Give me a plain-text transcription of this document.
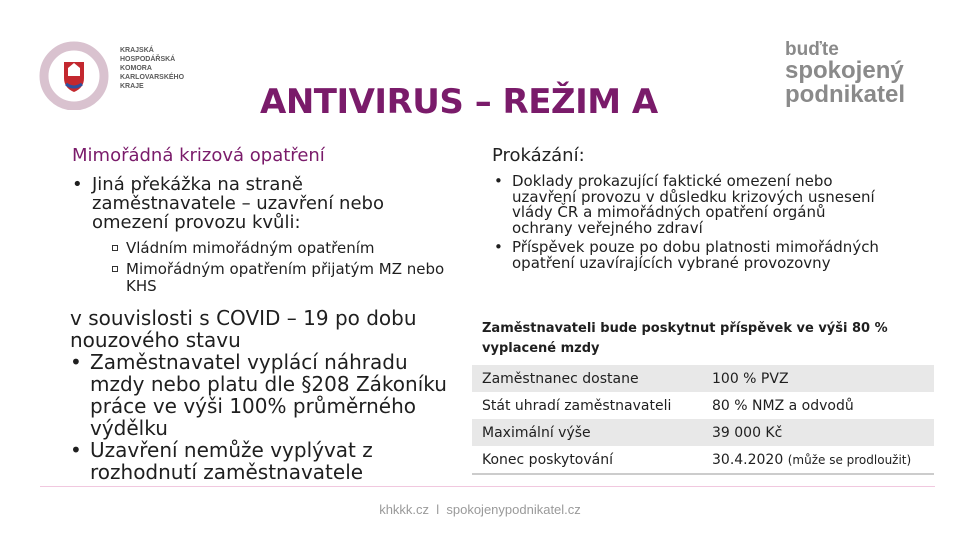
KRAJSKÁ
HOSPODÁŘSKÁ
KOMORA
KARLOVARSKÉHO
KRAJE
buďte
spokojený
podnikatel
ANTIVIRUS – REŽIM A
Mimořádná krizová opatření
• Jiná překážka na straně zaměstnavatele – uzavření nebo omezení provozu kvůli:
Vládním mimořádným opatřením
Mimořádným opatřením přijatým MZ nebo KHS
v souvislosti s COVID – 19 po dobu nouzového stavu
• Zaměstnavatel vyplácí náhradu mzdy nebo platu dle §208 Zákoníku práce ve výši 100% průměrného výdělku
• Uzavření nemůže vyplývat z rozhodnutí zaměstnavatele
Prokázání:
• Doklady prokazující faktické omezení nebo uzavření provozu v důsledku krizových usnesení vlády ČR a mimořádných opatření orgánů ochrany veřejného zdraví
• Příspěvek pouze po dobu platnosti mimořádných opatření uzavírajících vybrané provozovny
Zaměstnavateli bude poskytnut příspěvek ve výši 80 % vyplacené mzdy	
Zaměstnanec dostane	100 % PVZ
Stát uhradí zaměstnavateli	80 % NMZ a odvodů
Maximální výše	39 000 Kč
Konec poskytování	30.4.2020 (může se prodloužit)
khkkk.cz  l  spokojenypodnikatel.cz
